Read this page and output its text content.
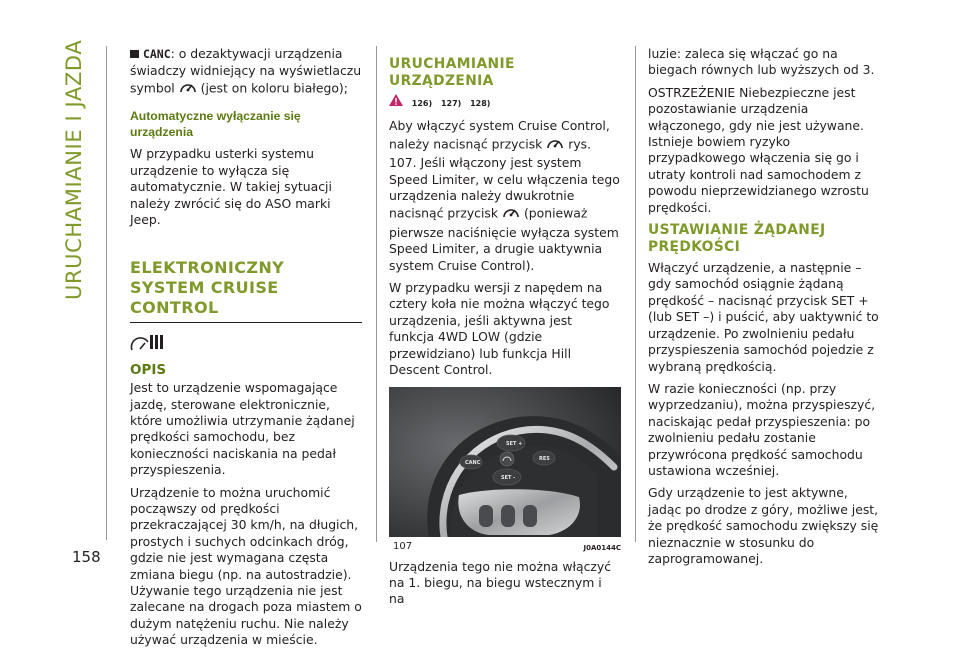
URUCHAMIANIE I JAZDA
158

CANC: o dezaktywacji urządzenia świadczy widniejący na wyświetlaczu symbol (jest on koloru białego);

Automatyczne wyłączanie się urządzenia

W przypadku usterki systemu urządzenie to wyłącza się automatycznie. W takiej sytuacji należy zwrócić się do ASO marki Jeep.

ELEKTRONICZNY SYSTEM CRUISE CONTROL
OPIS

Jest to urządzenie wspomagające jazdę, sterowane elektronicznie, które umożliwia utrzymanie żądanej prędkości samochodu, bez konieczności naciskania na pedał przyspieszenia.

Urządzenie to można uruchomić począwszy od prędkości przekraczającej 30 km/h, na długich, prostych i suchych odcinkach dróg, gdzie nie jest wymagana częsta zmiana biegu (np. na autostradzie). Używanie tego urządzenia nie jest zalecane na drogach poza miastem o dużym natężeniu ruchu. Nie należy używać urządzenia w mieście.

URUCHAMIANIE URZĄDZENIA
126) 127) 128)

Aby włączyć system Cruise Control, należy nacisnąć przycisk rys. 107. Jeśli włączony jest system Speed Limiter, w celu włączenia tego urządzenia należy dwukrotnie nacisnąć przycisk (ponieważ pierwsze naciśnięcie wyłącza system Speed Limiter, a drugie uaktywnia system Cruise Control).

W przypadku wersji z napędem na cztery koła nie można włączyć tego urządzenia, jeśli aktywna jest funkcja 4WD LOW (gdzie przewidziano) lub funkcja Hill Descent Control.

SET +
CANC
RES
SET -
107	J0A0144C

Urządzenia tego nie można włączyć na 1. biegu, na biegu wstecznym i na

luzie: zaleca się włączać go na biegach równych lub wyższych od 3.

OSTRZEŻENIE Niebezpieczne jest pozostawianie urządzenia włączonego, gdy nie jest używane. Istnieje bowiem ryzyko przypadkowego włączenia się go i utraty kontroli nad samochodem z powodu nieprzewidzianego wzrostu prędkości.

USTAWIANIE ŻĄDANEJ PRĘDKOŚCI

Włączyć urządzenie, a następnie – gdy samochód osiągnie żądaną prędkość – nacisnąć przycisk SET + (lub SET –) i puścić, aby uaktywnić to urządzenie. Po zwolnieniu pedału przyspieszenia samochód pojedzie z wybraną prędkością.

W razie konieczności (np. przy wyprzedzaniu), można przyspieszyć, naciskając pedał przyspieszenia: po zwolnieniu pedału zostanie przywrócona prędkość samochodu ustawiona wcześniej.

Gdy urządzenie to jest aktywne, jadąc po drodze z góry, możliwe jest, że prędkość samochodu zwiększy się nieznacznie w stosunku do zaprogramowanej.
